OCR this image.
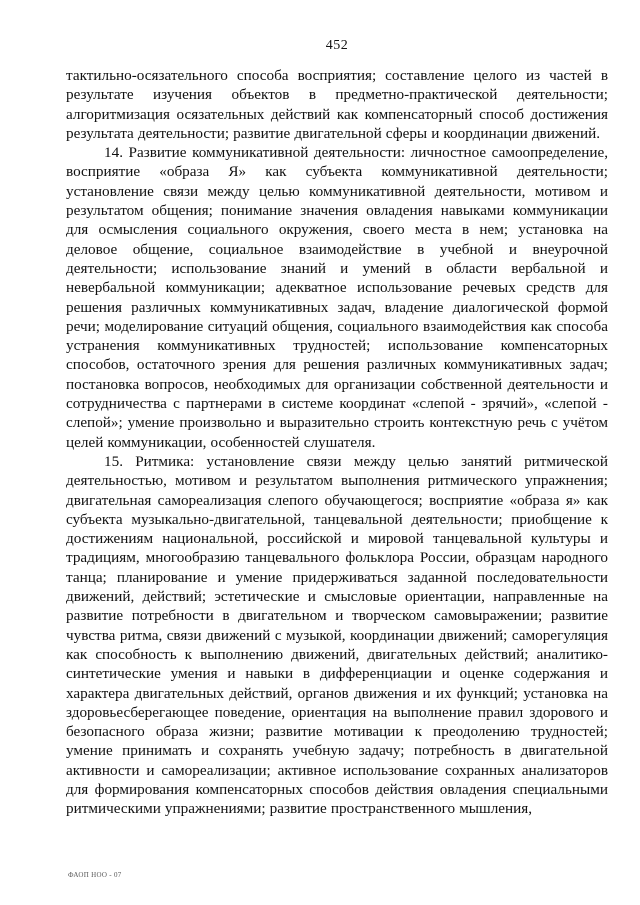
452

тактильно-осязательного способа восприятия; составление целого из частей в результате изучения объектов в предметно-практической деятельности; алгоритмизация осязательных действий как компенсаторный способ достижения результата деятельности; развитие двигательной сферы и координации движений.

14. Развитие коммуникативной деятельности: личностное самоопределение, восприятие «образа Я» как субъекта коммуникативной деятельности; установление связи между целью коммуникативной деятельности, мотивом и результатом общения; понимание значения овладения навыками коммуникации для осмысления социального окружения, своего места в нем; установка на деловое общение, социальное взаимодействие в учебной и внеурочной деятельности; использование знаний и умений в области вербальной и невербальной коммуникации; адекватное использование речевых средств для решения различных коммуникативных задач, владение диалогической формой речи; моделирование ситуаций общения, социального взаимодействия как способа устранения коммуникативных трудностей; использование компенсаторных способов, остаточного зрения для решения различных коммуникативных задач; постановка вопросов, необходимых для организации собственной деятельности и сотрудничества с партнерами в системе координат «слепой - зрячий», «слепой - слепой»; умение произвольно и выразительно строить контекстную речь с учётом целей коммуникации, особенностей слушателя.

15. Ритмика: установление связи между целью занятий ритмической деятельностью, мотивом и результатом выполнения ритмического упражнения; двигательная самореализация слепого обучающегося; восприятие «образа я» как субъекта музыкально-двигательной, танцевальной деятельности; приобщение к достижениям национальной, российской и мировой танцевальной культуры и традициям, многообразию танцевального фольклора России, образцам народного танца; планирование и умение придерживаться заданной последовательности движений, действий; эстетические и смысловые ориентации, направленные на развитие потребности в двигательном и творческом самовыражении; развитие чувства ритма, связи движений с музыкой, координации движений; саморегуляция как способность к выполнению движений, двигательных действий; аналитико-синтетические умения и навыки в дифференциации и оценке содержания и характера двигательных действий, органов движения и их функций; установка на здоровьесберегающее поведение, ориентация на выполнение правил здорового и безопасного образа жизни; развитие мотивации к преодолению трудностей; умение принимать и сохранять учебную задачу; потребность в двигательной активности и самореализации; активное использование сохранных анализаторов для формирования компенсаторных способов действия овладения специальными ритмическими упражнениями; развитие пространственного мышления,

ФАОП НОО - 07
